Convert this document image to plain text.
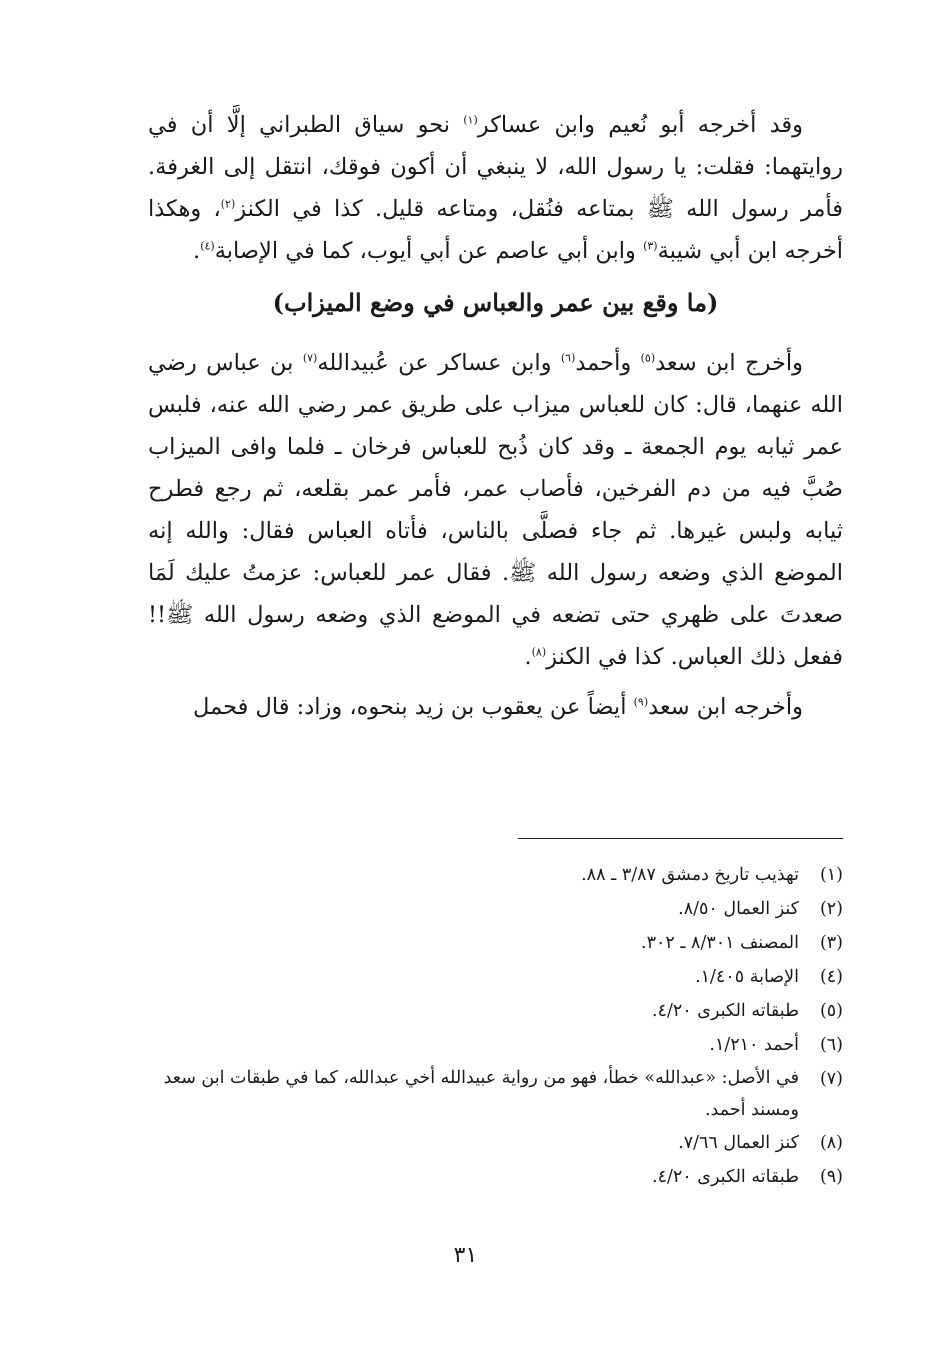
وقد أخرجه أبو نُعيم وابن عساكر$^{(١)}$ نحو سياق الطبراني إلَّا أن في روايتهما: فقلت: يا رسول الله، لا ينبغي أن أكون فوقك، انتقل إلى الغرفة. فأمر رسول الله ﷺ بمتاعه فنُقل، ومتاعه قليل. كذا في الكنز$^{(٢)}$، وهكذا أخرجه ابن أبي شيبة$^{(٣)}$ وابن أبي عاصم عن أبي أيوب، كما في الإصابة$^{(٤)}$.

(ما وقع بين عمر والعباس في وضع الميزاب)

وأخرج ابن سعد$^{(٥)}$ وأحمد$^{(٦)}$ وابن عساكر عن عُبيدالله$^{(٧)}$ بن عباس رضي الله عنهما، قال: كان للعباس ميزاب على طريق عمر رضي الله عنه، فلبس عمر ثيابه يوم الجمعة ـ وقد كان ذُبح للعباس فرخان ـ فلما وافى الميزاب صُبَّ فيه من دم الفرخين، فأصاب عمر، فأمر عمر بقلعه، ثم رجع فطرح ثيابه ولبس غيرها. ثم جاء فصلَّى بالناس، فأتاه العباس فقال: والله إنه الموضع الذي وضعه رسول الله ﷺ. فقال عمر للعباس: عزمتُ عليك لَمَا صعدتَ على ظهري حتى تضعه في الموضع الذي وضعه رسول الله ﷺ!! ففعل ذلك العباس. كذا في الكنز$^{(٨)}$.

وأخرجه ابن سعد$^{(٩)}$ أيضاً عن يعقوب بن زيد بنحوه، وزاد: قال فحمل

(١)
تهذيب تاريخ دمشق ٣/٨٧ ـ ٨٨.
(٢)
كنز العمال ٨/٥٠.
(٣)
المصنف ٨/٣٠١ ـ ٣٠٢.
(٤)
الإصابة ١/٤٠٥.
(٥)
طبقاته الكبرى ٤/٢٠.
(٦)
أحمد ١/٢١٠.
(٧)
في الأصل: «عبدالله» خطأ، فهو من رواية عبيدالله أخي عبدالله، كما في طبقات ابن سعد ومسند أحمد.
(٨)
كنز العمال ٧/٦٦.
(٩)
طبقاته الكبرى ٤/٢٠.
٣١
